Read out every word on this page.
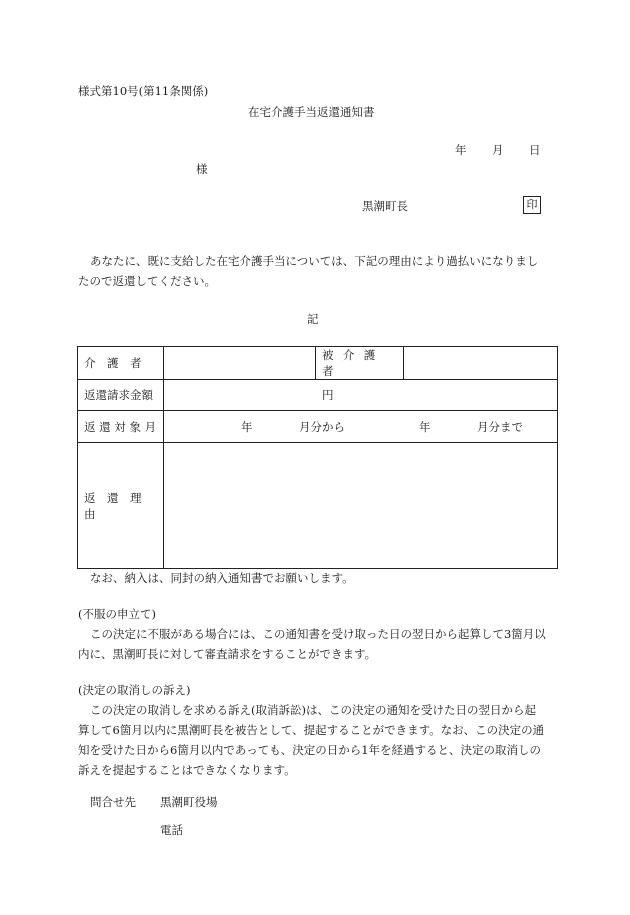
様式第10号(第11条関係)
在宅介護手当返還通知書
年 月 日
様
黒潮町長	印
あなたに、既に支給した在宅介護手当については、下記の理由により過払いになりまし
たので返還してください。
記
介　護　者		被 介 護 者	
返還請求金額	円		
返 還 対 象 月	年 月分から 年 月分まで		

返　還　理　由			
なお、納入は、同封の納入通知書でお願いします。
(不服の申立て)
この決定に不服がある場合には、この通知書を受け取った日の翌日から起算して3箇月以
内に、黒潮町長に対して審査請求をすることができます。
(決定の取消しの訴え)
この決定の取消しを求める訴え(取消訴訟)は、この決定の通知を受けた日の翌日から起
算して6箇月以内に黒潮町長を被告として、提起することができます。なお、この決定の通
知を受けた日から6箇月以内であっても、決定の日から1年を経過すると、決定の取消しの
訴えを提起することはできなくなります。
問合せ先 黒潮町役場
電話
